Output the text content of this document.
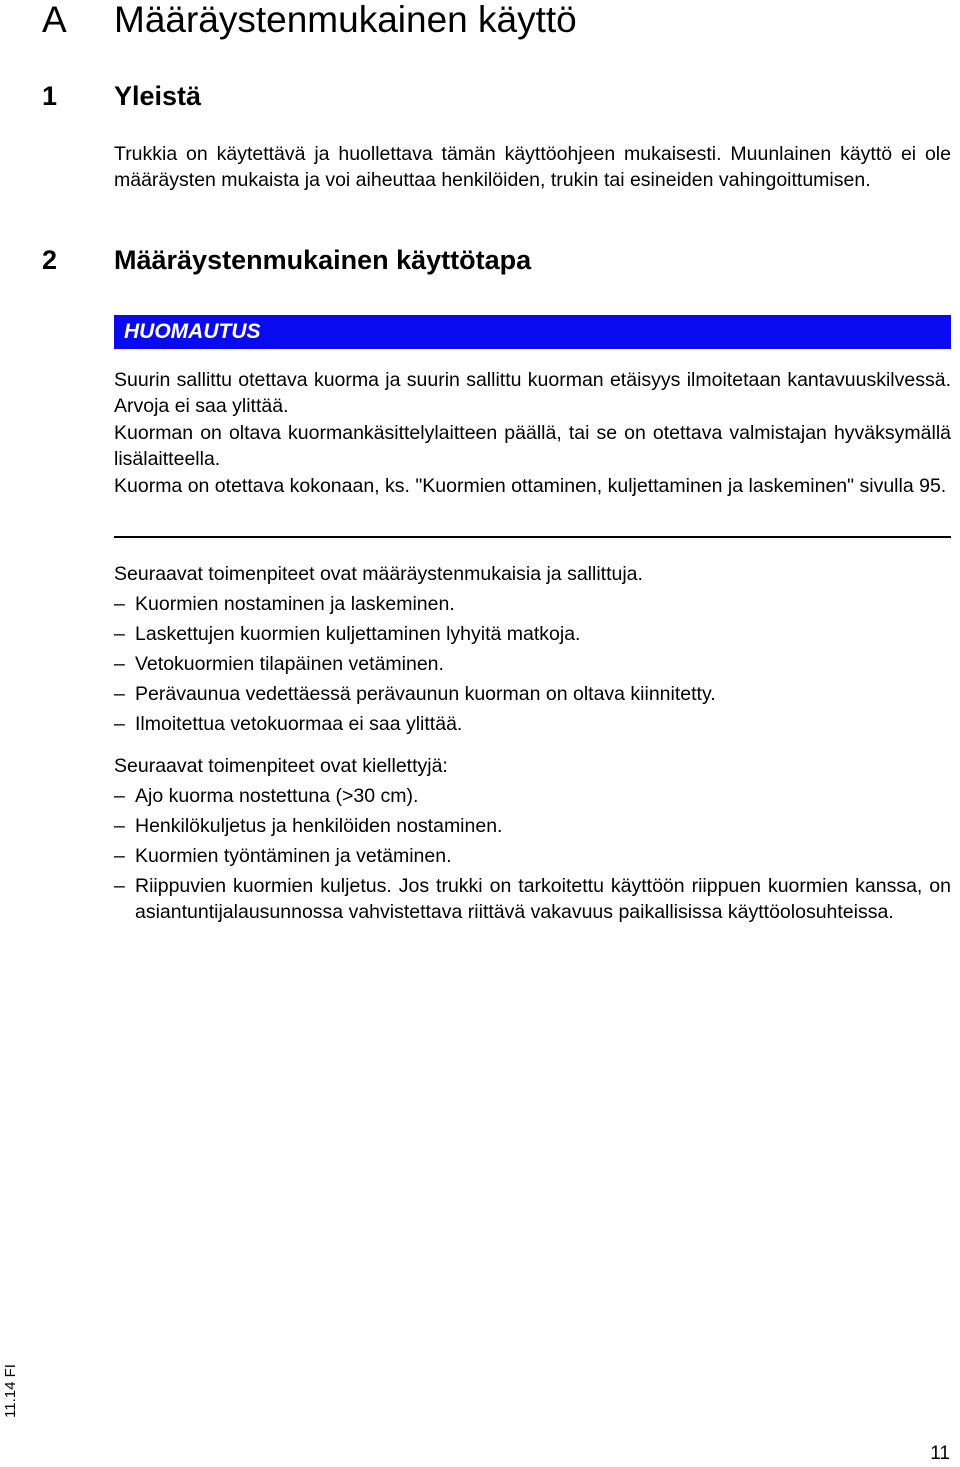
A Määräystenmukainen käyttö
1 Yleistä
Trukkia on käytettävä ja huollettava tämän käyttöohjeen mukaisesti. Muunlainen käyttö ei ole määräysten mukaista ja voi aiheuttaa henkilöiden, trukin tai esineiden vahingoittumisen.
2 Määräystenmukainen käyttötapa
HUOMAUTUS
Suurin sallittu otettava kuorma ja suurin sallittu kuorman etäisyys ilmoitetaan kantavuuskilvessä. Arvoja ei saa ylittää.
Kuorman on oltava kuormankäsittelylaitteen päällä, tai se on otettava valmistajan hyväksymällä lisälaitteella.
Kuorma on otettava kokonaan, ks. "Kuormien ottaminen, kuljettaminen ja laskeminen" sivulla 95.
Seuraavat toimenpiteet ovat määräystenmukaisia ja sallittuja.
– Kuormien nostaminen ja laskeminen.
– Laskettujen kuormien kuljettaminen lyhyitä matkoja.
– Vetokuormien tilapäinen vetäminen.
– Perävaunua vedettäessä perävaunun kuorman on oltava kiinnitetty.
– Ilmoitettua vetokuormaa ei saa ylittää.
Seuraavat toimenpiteet ovat kiellettyjä:
– Ajo kuorma nostettuna (>30 cm).
– Henkilökuljetus ja henkilöiden nostaminen.
– Kuormien työntäminen ja vetäminen.
– Riippuvien kuormien kuljetus. Jos trukki on tarkoitettu käyttöön riippuen kuormien kanssa, on asiantuntijalausunnossa vahvistettava riittävä vakavuus paikallisissa käyttöolosuhteissa.
11.14 FI
11
